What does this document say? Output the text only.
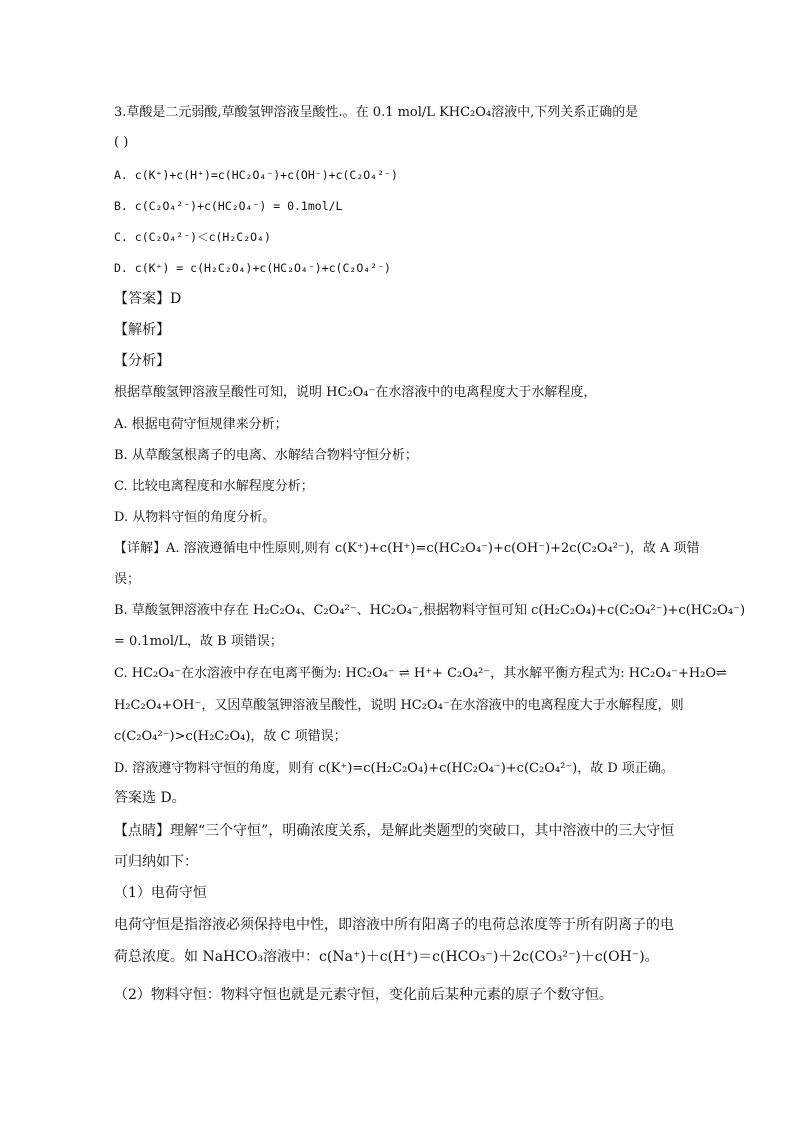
3.草酸是二元弱酸,草酸氢钾溶液呈酸性.。在 0.1 mol/L KHC₂O₄溶液中,下列关系正确的是
( )
A. c(K⁺)+c(H⁺)=c(HC₂O₄⁻)+c(OH⁻)+c(C₂O₄²⁻)
B. c(C₂O₄²⁻)+c(HC₂O₄⁻) = 0.1mol/L
C. c(C₂O₄²⁻)＜c(H₂C₂O₄)
D. c(K⁺) = c(H₂C₂O₄)+c(HC₂O₄⁻)+c(C₂O₄²⁻)
【答案】D
【解析】
【分析】
根据草酸氢钾溶液呈酸性可知，说明 HC₂O₄⁻在水溶液中的电离程度大于水解程度，
A. 根据电荷守恒规律来分析；
B. 从草酸氢根离子的电离、水解结合物料守恒分析；
C. 比较电离程度和水解程度分析；
D. 从物料守恒的角度分析。
【详解】A. 溶液遵循电中性原则,则有 c(K⁺)+c(H⁺)=c(HC₂O₄⁻)+c(OH⁻)+2c(C₂O₄²⁻)，故 A 项错
误；
B. 草酸氢钾溶液中存在 H₂C₂O₄、C₂O₄²⁻、HC₂O₄⁻,根据物料守恒可知 c(H₂C₂O₄)+c(C₂O₄²⁻)+c(HC₂O₄⁻)
= 0.1mol/L，故 B 项错误；
C. HC₂O₄⁻在水溶液中存在电离平衡为: HC₂O₄⁻ ⇌ H⁺+ C₂O₄²⁻，其水解平衡方程式为: HC₂O₄⁻+H₂O⇌
H₂C₂O₄+OH⁻，又因草酸氢钾溶液呈酸性，说明 HC₂O₄⁻在水溶液中的电离程度大于水解程度，则
c(C₂O₄²⁻)>c(H₂C₂O₄)，故 C 项错误；
D. 溶液遵守物料守恒的角度，则有 c(K⁺)=c(H₂C₂O₄)+c(HC₂O₄⁻)+c(C₂O₄²⁻)，故 D 项正确。
答案选 D。
【点睛】理解“三个守恒”，明确浓度关系，是解此类题型的突破口，其中溶液中的三大守恒
可归纳如下：
（1）电荷守恒
电荷守恒是指溶液必须保持电中性，即溶液中所有阳离子的电荷总浓度等于所有阴离子的电
荷总浓度。如 NaHCO₃溶液中：c(Na⁺)＋c(H⁺)＝c(HCO₃⁻)＋2c(CO₃²⁻)＋c(OH⁻)。
（2）物料守恒：物料守恒也就是元素守恒，变化前后某种元素的原子个数守恒。
